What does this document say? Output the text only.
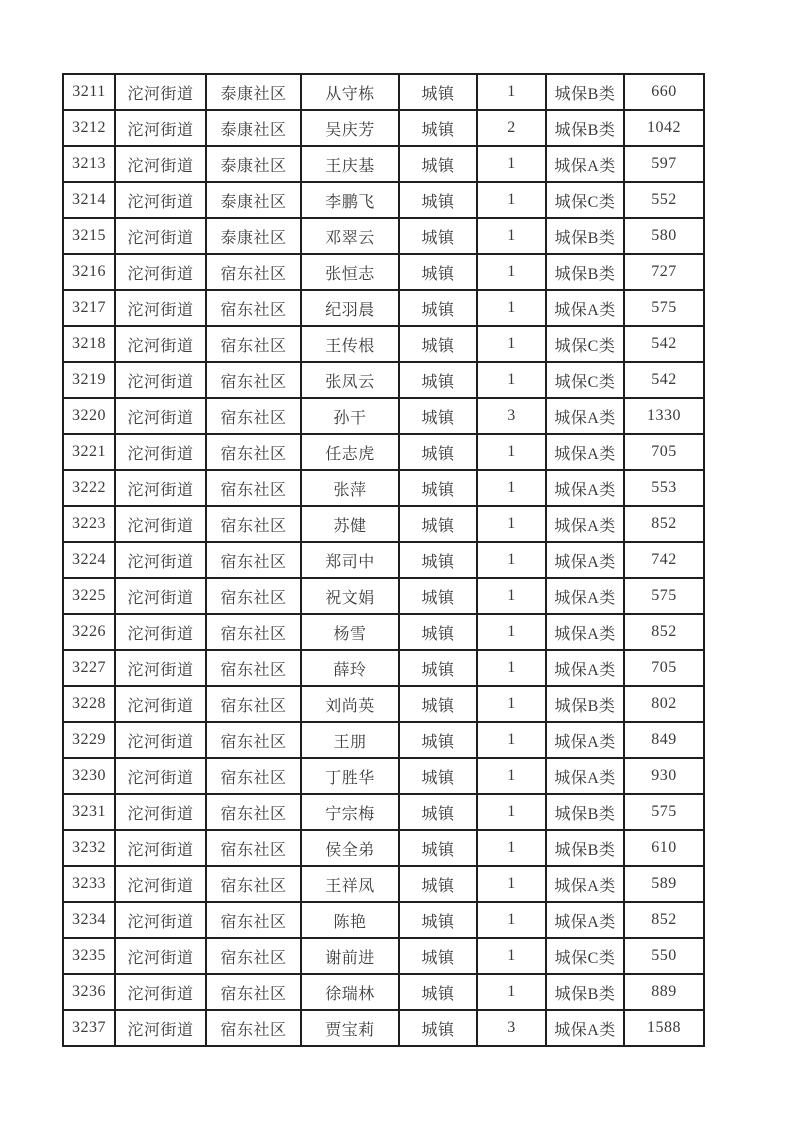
3211	沱河街道	泰康社区	从守栋	城镇	1	城保B类	660
3212	沱河街道	泰康社区	吴庆芳	城镇	2	城保B类	1042
3213	沱河街道	泰康社区	王庆基	城镇	1	城保A类	597
3214	沱河街道	泰康社区	李鹏飞	城镇	1	城保C类	552
3215	沱河街道	泰康社区	邓翠云	城镇	1	城保B类	580
3216	沱河街道	宿东社区	张恒志	城镇	1	城保B类	727
3217	沱河街道	宿东社区	纪羽晨	城镇	1	城保A类	575
3218	沱河街道	宿东社区	王传根	城镇	1	城保C类	542
3219	沱河街道	宿东社区	张凤云	城镇	1	城保C类	542
3220	沱河街道	宿东社区	孙干	城镇	3	城保A类	1330
3221	沱河街道	宿东社区	任志虎	城镇	1	城保A类	705
3222	沱河街道	宿东社区	张萍	城镇	1	城保A类	553
3223	沱河街道	宿东社区	苏健	城镇	1	城保A类	852
3224	沱河街道	宿东社区	郑司中	城镇	1	城保A类	742
3225	沱河街道	宿东社区	祝文娟	城镇	1	城保A类	575
3226	沱河街道	宿东社区	杨雪	城镇	1	城保A类	852
3227	沱河街道	宿东社区	薛玲	城镇	1	城保A类	705
3228	沱河街道	宿东社区	刘尚英	城镇	1	城保B类	802
3229	沱河街道	宿东社区	王朋	城镇	1	城保A类	849
3230	沱河街道	宿东社区	丁胜华	城镇	1	城保A类	930
3231	沱河街道	宿东社区	宁宗梅	城镇	1	城保B类	575
3232	沱河街道	宿东社区	侯全弟	城镇	1	城保B类	610
3233	沱河街道	宿东社区	王祥凤	城镇	1	城保A类	589
3234	沱河街道	宿东社区	陈艳	城镇	1	城保A类	852
3235	沱河街道	宿东社区	谢前进	城镇	1	城保C类	550
3236	沱河街道	宿东社区	徐瑞林	城镇	1	城保B类	889
3237	沱河街道	宿东社区	贾宝莉	城镇	3	城保A类	1588
